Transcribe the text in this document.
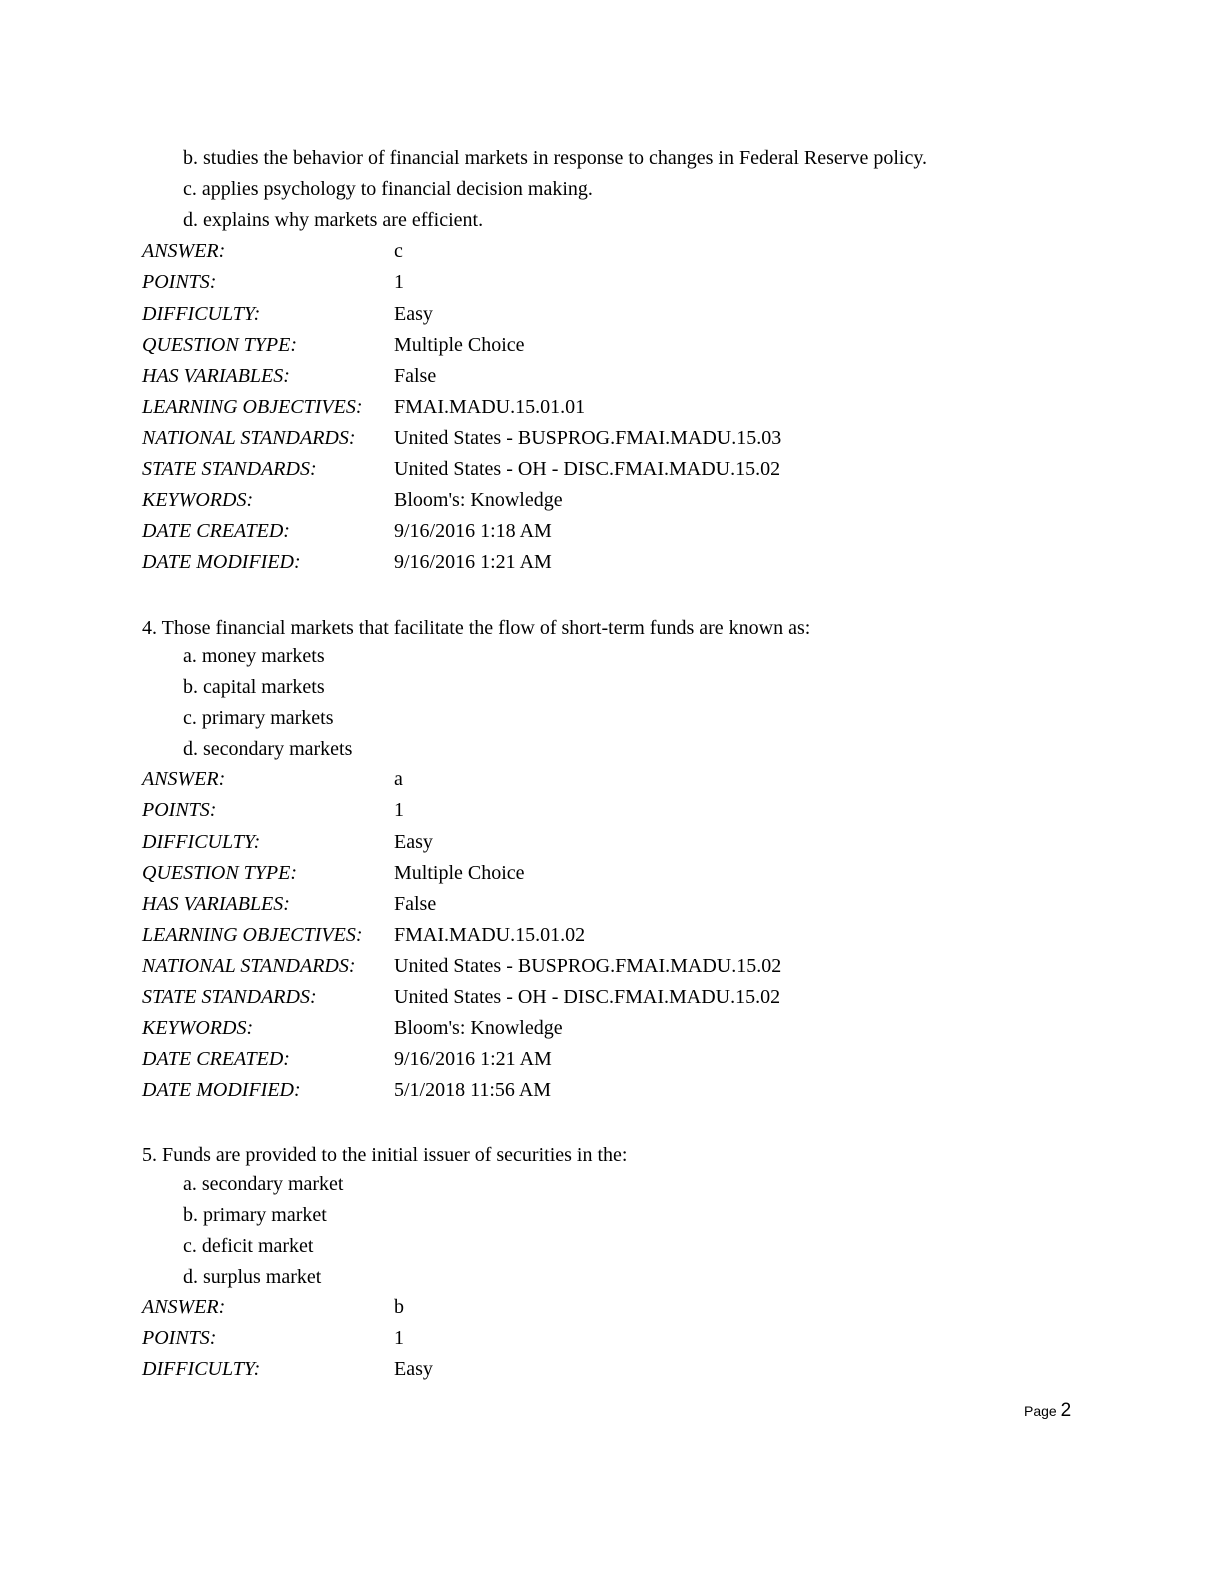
b. studies the behavior of financial markets in response to changes in Federal Reserve policy.
c. applies psychology to financial decision making.
d. explains why markets are efficient.
ANSWER:	c
POINTS:	1
DIFFICULTY:	Easy
QUESTION TYPE:	Multiple Choice
HAS VARIABLES:	False
LEARNING OBJECTIVES: FMAI.MADU.15.01.01
NATIONAL STANDARDS: United States - BUSPROG.FMAI.MADU.15.03
STATE STANDARDS:	United States - OH - DISC.FMAI.MADU.15.02
KEYWORDS:	Bloom's: Knowledge
DATE CREATED:	9/16/2016 1:18 AM
DATE MODIFIED:	9/16/2016 1:21 AM
4. Those financial markets that facilitate the flow of short-term funds are known as:
a. money markets
b. capital markets
c. primary markets
d. secondary markets
ANSWER:	a
POINTS:	1
DIFFICULTY:	Easy
QUESTION TYPE:	Multiple Choice
HAS VARIABLES:	False
LEARNING OBJECTIVES: FMAI.MADU.15.01.02
NATIONAL STANDARDS: United States - BUSPROG.FMAI.MADU.15.02
STATE STANDARDS:	United States - OH - DISC.FMAI.MADU.15.02
KEYWORDS:	Bloom's: Knowledge
DATE CREATED:	9/16/2016 1:21 AM
DATE MODIFIED:	5/1/2018 11:56 AM
5. Funds are provided to the initial issuer of securities in the:
a. secondary market
b. primary market
c. deficit market
d. surplus market
ANSWER:	b
POINTS:	1
DIFFICULTY:	Easy
Page 2
